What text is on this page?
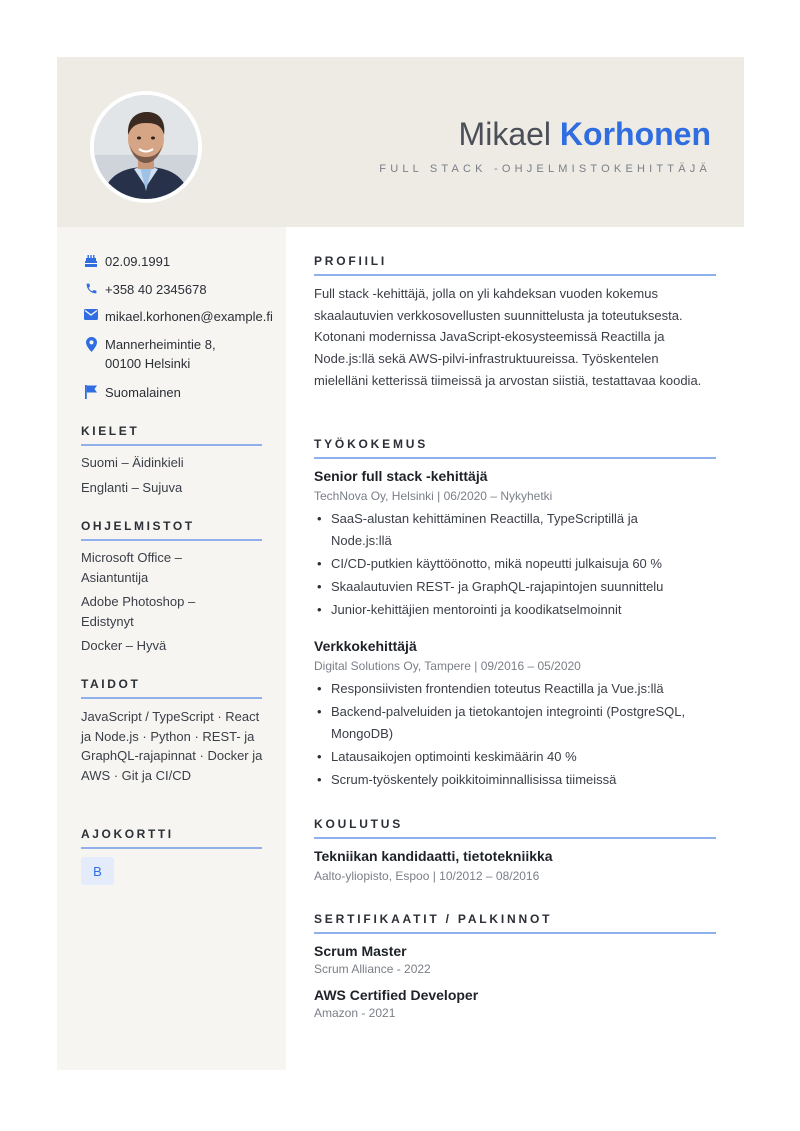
Mikael Korhonen
FULL STACK -OHJELMISTOKEHITTÄJÄ
02.09.1991
+358 40 2345678
mikael.korhonen@example.fi
Mannerheimintie 8,
00100 Helsinki
Suomalainen
KIELET
Suomi – Äidinkieli
Englanti – Sujuva
OHJELMISTOT
Microsoft Office – Asiantuntija
Adobe Photoshop – Edistynyt
Docker – Hyvä
TAIDOT
JavaScript / TypeScript · React ja Node.js · Python · REST- ja GraphQL-rajapinnat · Docker ja AWS · Git ja CI/CD
AJOKORTTI
B
PROFIILI
Full stack -kehittäjä, jolla on yli kahdeksan vuoden kokemus skaalautuvien verkkosovellusten suunnittelusta ja toteutuksesta. Kotonani modernissa JavaScript-ekosysteemissä Reactilla ja Node.js:llä sekä AWS-pilvi-infrastruktuureissa. Työskentelen mielelläni ketterissä tiimeissä ja arvostan siistiä, testattavaa koodia.
TYÖKOKEMUS
Senior full stack -kehittäjä
TechNova Oy, Helsinki | 06/2020 – Nykyhetki
• SaaS-alustan kehittäminen Reactilla, TypeScriptillä ja Node.js:llä
• CI/CD-putkien käyttöönotto, mikä nopeutti julkaisuja 60 %
• Skaalautuvien REST- ja GraphQL-rajapintojen suunnittelu
• Junior-kehittäjien mentorointi ja koodikatselmoinnit
Verkkokehittäjä
Digital Solutions Oy, Tampere | 09/2016 – 05/2020
• Responsiivisten frontendien toteutus Reactilla ja Vue.js:llä
• Backend-palveluiden ja tietokantojen integrointi (PostgreSQL, MongoDB)
• Latausaikojen optimointi keskimäärin 40 %
• Scrum-työskentely poikkitoiminnallisissa tiimeissä
KOULUTUS
Tekniikan kandidaatti, tietotekniikka
Aalto-yliopisto, Espoo | 10/2012 – 08/2016
SERTIFIKAATIT / PALKINNOT
Scrum Master
Scrum Alliance - 2022
AWS Certified Developer
Amazon - 2021
